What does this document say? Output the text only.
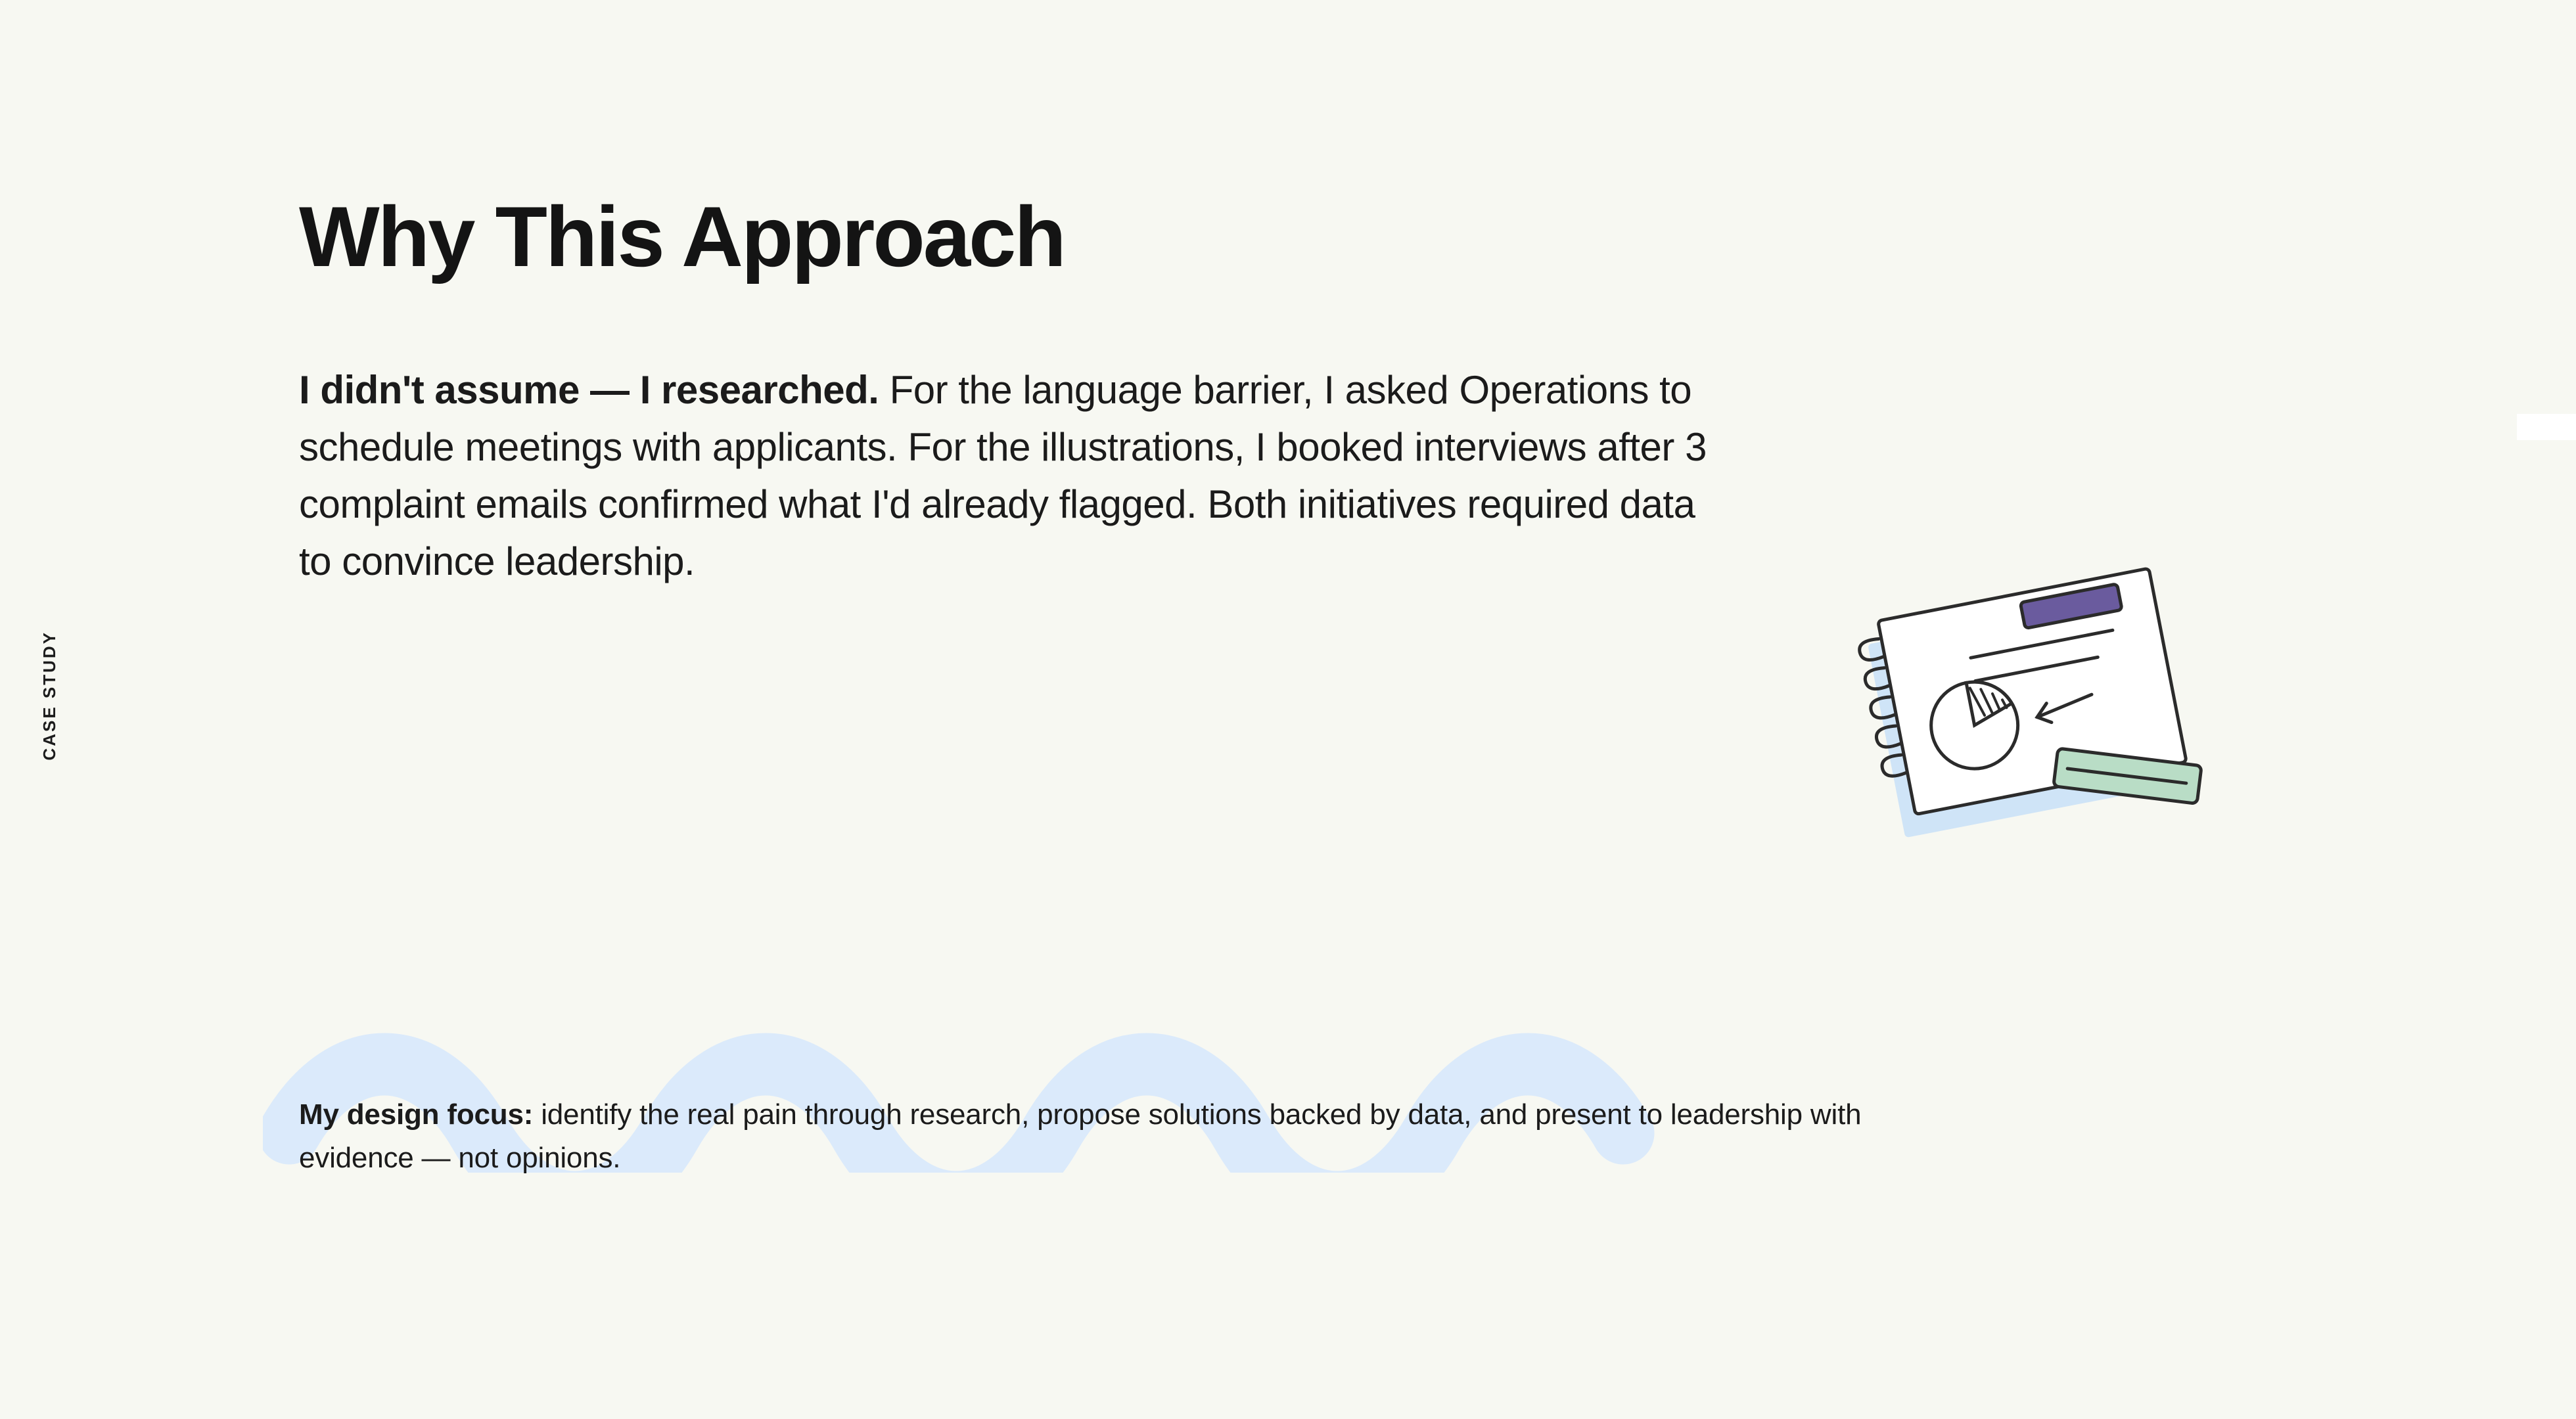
CASE STUDY
Why This Approach

I didn't assume — I researched. For the language barrier, I asked Operations to schedule meetings with applicants. For the illustrations, I booked interviews after 3 complaint emails confirmed what I'd already flagged. Both initiatives required data to convince leadership.

My design focus: identify the real pain through research, propose solutions backed by data, and present to leadership with evidence — not opinions.
